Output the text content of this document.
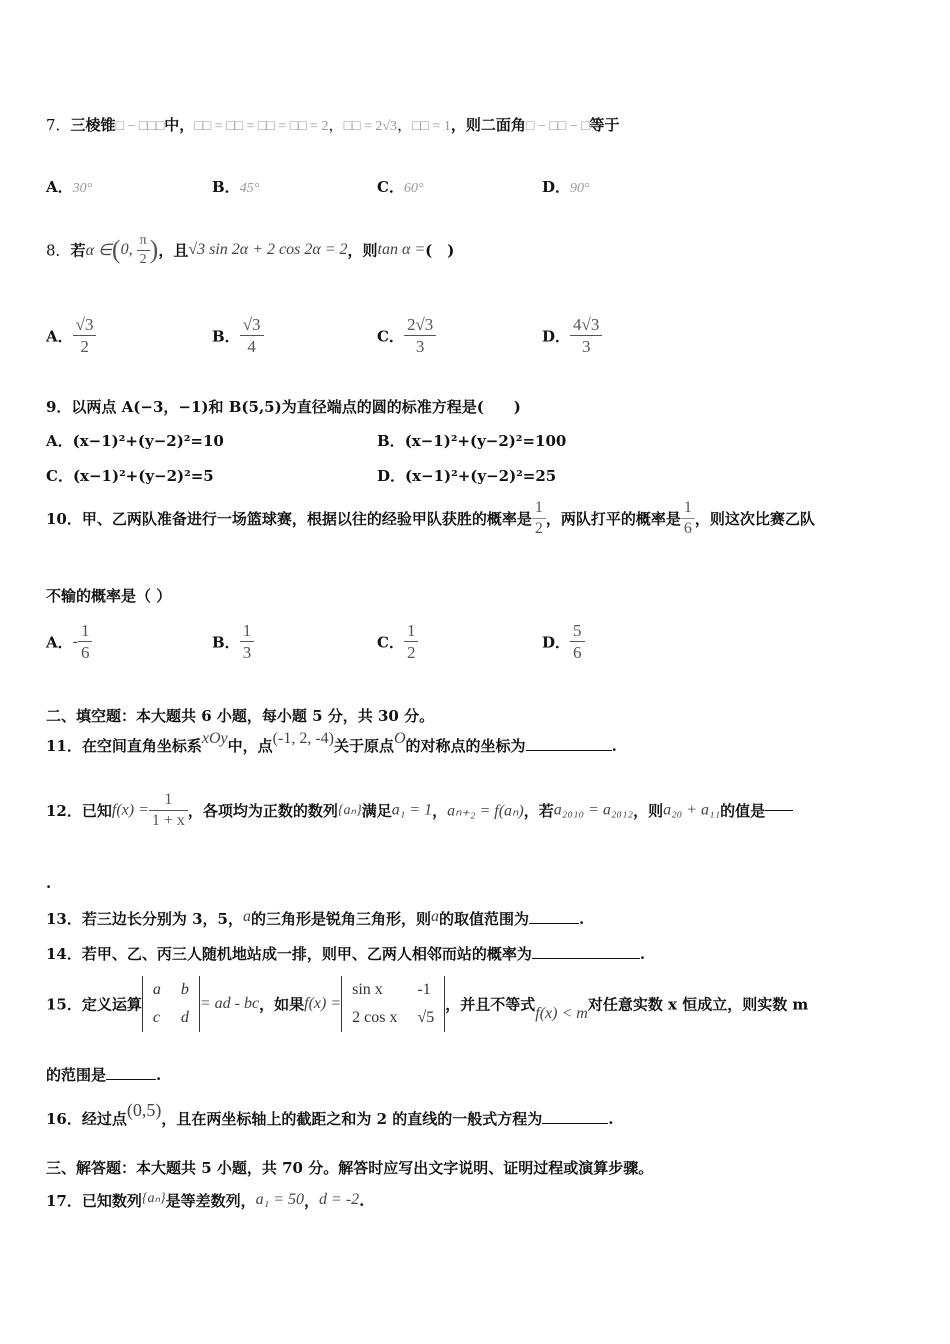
7．三棱锥□ − □□□中，□□ = □□ = □□ = □□ = 2，□□ = 2√3，□□ = 1，则二面角□ − □□ − □等于
A．30°	B．45°	C．60°	D．90°
8．若α ∈(0, $\frac{\pi}{2}$ )，且√3 sin 2α + 2 cos 2α = 2，则tan α =(　)
A． $\frac{√3}{2}$	B． $\frac{√3}{4}$	C． $\frac{2√3}{3}$	D． $\frac{4√3}{3}$
9．以两点 A(−3，−1)和 B(5,5)为直径端点的圆的标准方程是(　　)
A．(x−1)²+(y−2)²=10
C．(x−1)²+(y−2)²=5
B．(x−1)²+(y−2)²=100
D．(x−1)²+(y−2)²=25
10．甲、乙两队准备进行一场篮球赛，根据以往的经验甲队获胜的概率是 $\frac{1}{2}$ ，两队打平的概率是 $\frac{1}{6}$ ，则这次比赛乙队
不输的概率是（ ）
A．- $\frac{1}{6}$	B． $\frac{1}{3}$	C． $\frac{1}{2}$	D． $\frac{5}{6}$
二、填空题：本大题共 6 小题，每小题 5 分，共 30 分。
11．在空间直角坐标系xOy中，点(-1, 2, -4)关于原点O的对称点的坐标为	.
12．已知$f(x) = \frac{1}{1 + x}$ ，各项均为正数的数列{aₙ}满足a₁ = 1，aₙ₊₂ = f(aₙ)，若a₂₀₁₀ = a₂₀₁₂，则a₂₀ + a₁₁的值是
.
13．若三边长分别为 3，5，a的三角形是锐角三角形，则a的取值范围为	.
14．若甲、乙、丙三人随机地站成一排，则甲、乙两人相邻而站的概率为	.
15．定义运算a	b
c	d= ad - bc，如果f(x) =sin x	-1
2 cos x	√5，并且不等式f(x) < m对任意实数 x 恒成立，则实数 m
的范围是	.
16．经过点(0,5)，且在两坐标轴上的截距之和为 2 的直线的一般式方程为	.
三、解答题：本大题共 5 小题，共 70 分。解答时应写出文字说明、证明过程或演算步骤。
17．已知数列{aₙ}是等差数列，a₁ = 50，d = -2.
